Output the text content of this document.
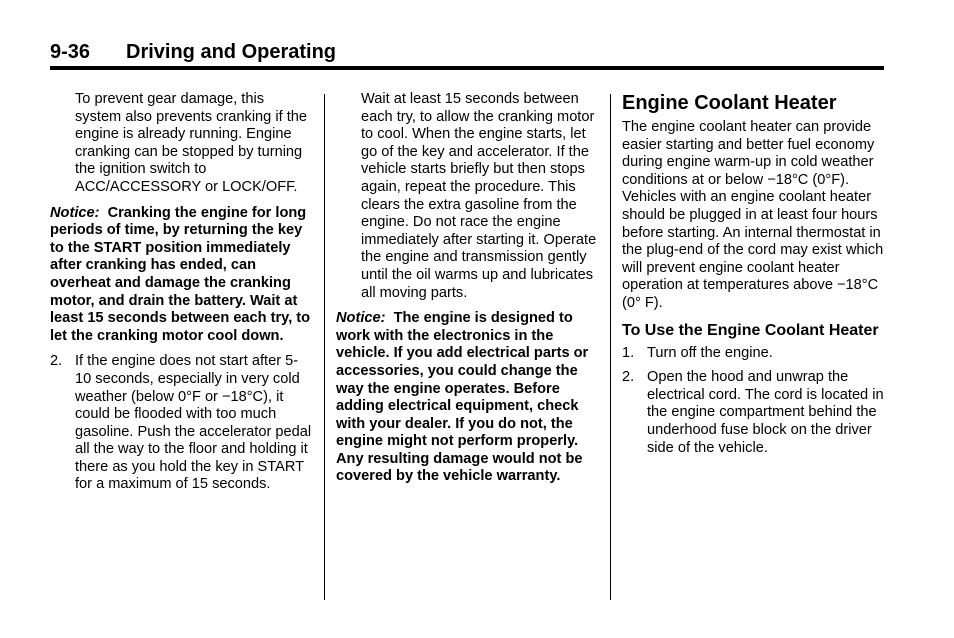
9-36 Driving and Operating

To prevent gear damage, this system also prevents cranking if the engine is already running. Engine cranking can be stopped by turning the ignition switch to ACC/ACCESSORY or LOCK/OFF.

Notice: Cranking the engine for long periods of time, by returning the key to the START position immediately after cranking has ended, can overheat and damage the cranking motor, and drain the battery. Wait at least 15 seconds between each try, to let the cranking motor cool down.

2. If the engine does not start after 5-10 seconds, especially in very cold weather (below 0°F or −18°C), it could be flooded with too much gasoline. Push the accelerator pedal all the way to the floor and holding it there as you hold the key in START for a maximum of 15 seconds.

Wait at least 15 seconds between each try, to allow the cranking motor to cool. When the engine starts, let go of the key and accelerator. If the vehicle starts briefly but then stops again, repeat the procedure. This clears the extra gasoline from the engine. Do not race the engine immediately after starting it. Operate the engine and transmission gently until the oil warms up and lubricates all moving parts.

Notice: The engine is designed to work with the electronics in the vehicle. If you add electrical parts or accessories, you could change the way the engine operates. Before adding electrical equipment, check with your dealer. If you do not, the engine might not perform properly. Any resulting damage would not be covered by the vehicle warranty.

Engine Coolant Heater

The engine coolant heater can provide easier starting and better fuel economy during engine warm-up in cold weather conditions at or below −18°C (0°F). Vehicles with an engine coolant heater should be plugged in at least four hours before starting. An internal thermostat in the plug-end of the cord may exist which will prevent engine coolant heater operation at temperatures above −18°C (0° F).

To Use the Engine Coolant Heater
1. Turn off the engine.
2. Open the hood and unwrap the electrical cord. The cord is located in the engine compartment behind the underhood fuse block on the driver side of the vehicle.
